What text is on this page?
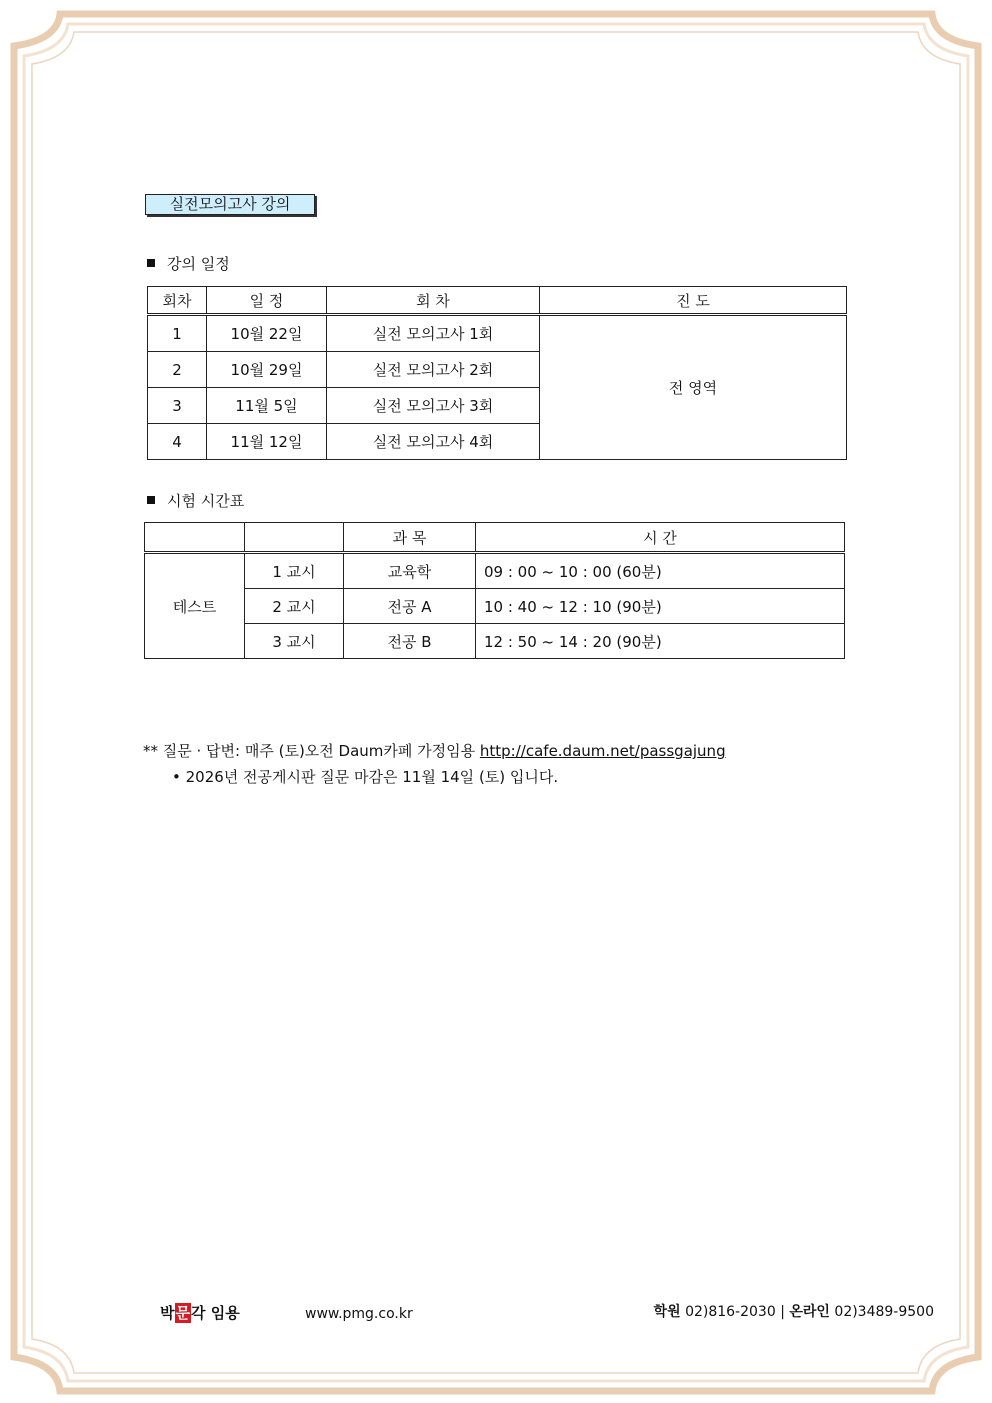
실전모의고사 강의
강의 일정
회차	일 정	회 차	진 도
1	10월 22일	실전 모의고사 1회	전 영역
2	10월 29일	실전 모의고사 2회	
3	11월 5일	실전 모의고사 3회	
4	11월 12일	실전 모의고사 4회	
시험 시간표
		과 목	시 간
테스트	1 교시	교육학	09 : 00 ~ 10 : 00 (60분)
	2 교시	전공 A	10 : 40 ~ 12 : 10 (90분)
	3 교시	전공 B	12 : 50 ~ 14 : 20 (90분)
** 질문 · 답변: 매주 (토)오전 Daum카페 가정임용 http://cafe.daum.net/passgajung
• 2026년 전공게시판 질문 마감은 11월 14일 (토) 입니다.
박문각 임용	www.pmg.co.kr	학원 02)816-2030 | 온라인 02)3489-9500
